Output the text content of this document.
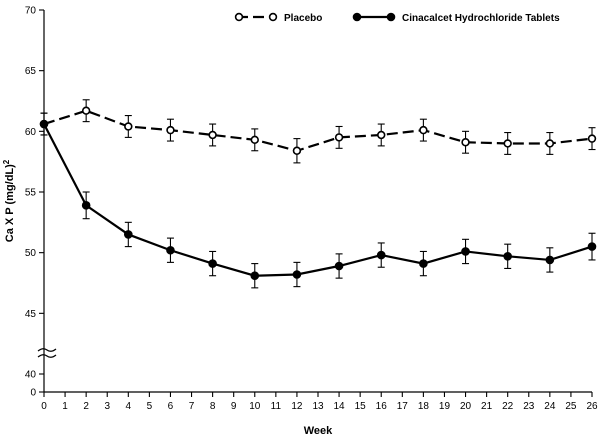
0
40
45
50
55
60
65
70
0 1 2 3 4 5 6 7 8 9 10 11 12 13 14 15 16 17 18 19 20 21 22 23 24 25 26
Week
Ca X P $(mg/dL)^2$
Placebo	Cinacalcet Hydrochloride Tablets
